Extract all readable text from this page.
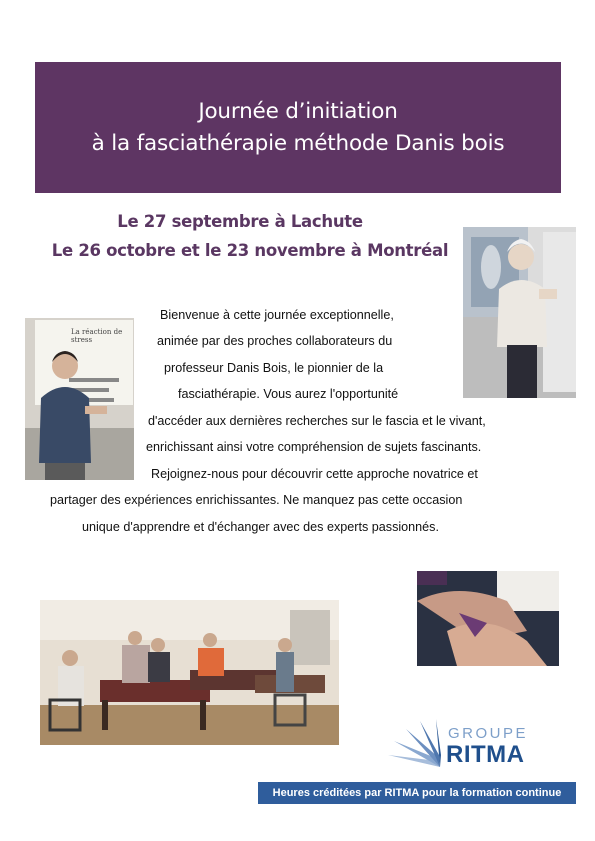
Journée d’initiation
à la fasciathérapie méthode Danis bois
Le 27 septembre à Lachute
Le 26 octobre et le 23 novembre à Montréal
La réaction de stress
Bienvenue à cette journée exceptionnelle,
animée par des proches collaborateurs du
professeur Danis Bois, le pionnier de la
fasciathérapie. Vous aurez l'opportunité
d'accéder aux dernières recherches sur le fascia et le vivant,
enrichissant ainsi votre compréhension de sujets fascinants.
Rejoignez-nous pour découvrir cette approche novatrice et
partager des expériences enrichissantes. Ne manquez pas cette occasion
unique d'apprendre et d'échanger avec des experts passionnés.
GROUPE
RITMA
Heures créditées par RITMA pour la formation continue
